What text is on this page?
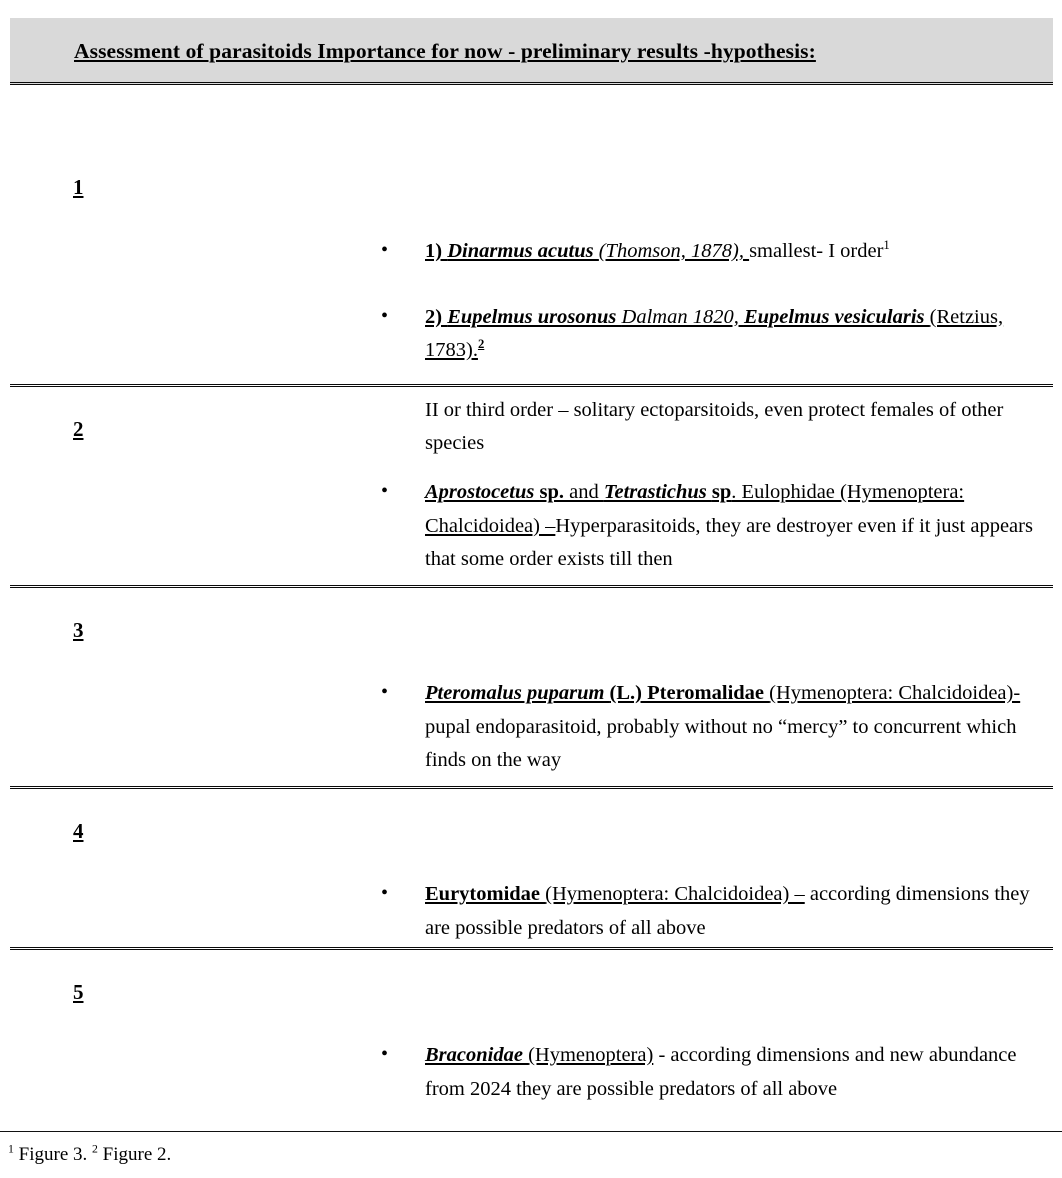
Assessment of parasitoids Importance for now - preliminary results -hypothesis:
1
• 1) Dinarmus acutus (Thomson, 1878), smallest- I order$^1$
• 2) Eupelmus urosonus Dalman 1820, Eupelmus vesicularis (Retzius, 1783).$^2$
II or third order – solitary ectoparsitoids, even protect females of other species
2
• Aprostocetus sp. and Tetrastichus sp. Eulophidae (Hymenoptera: Chalcidoidea) –Hyperparasitoids, they are destroyer even if it just appears that some order exists till then
3
• Pteromalus puparum (L.) Pteromalidae (Hymenoptera: Chalcidoidea)- pupal endoparasitoid, probably without no “mercy” to concurrent which finds on the way
4
• Eurytomidae (Hymenoptera: Chalcidoidea) – according dimensions they are possible predators of all above
5
• Braconidae (Hymenoptera) - according dimensions and new abundance from 2024 they are possible predators of all above
$^1$ Figure 3. $^2$ Figure 2.
